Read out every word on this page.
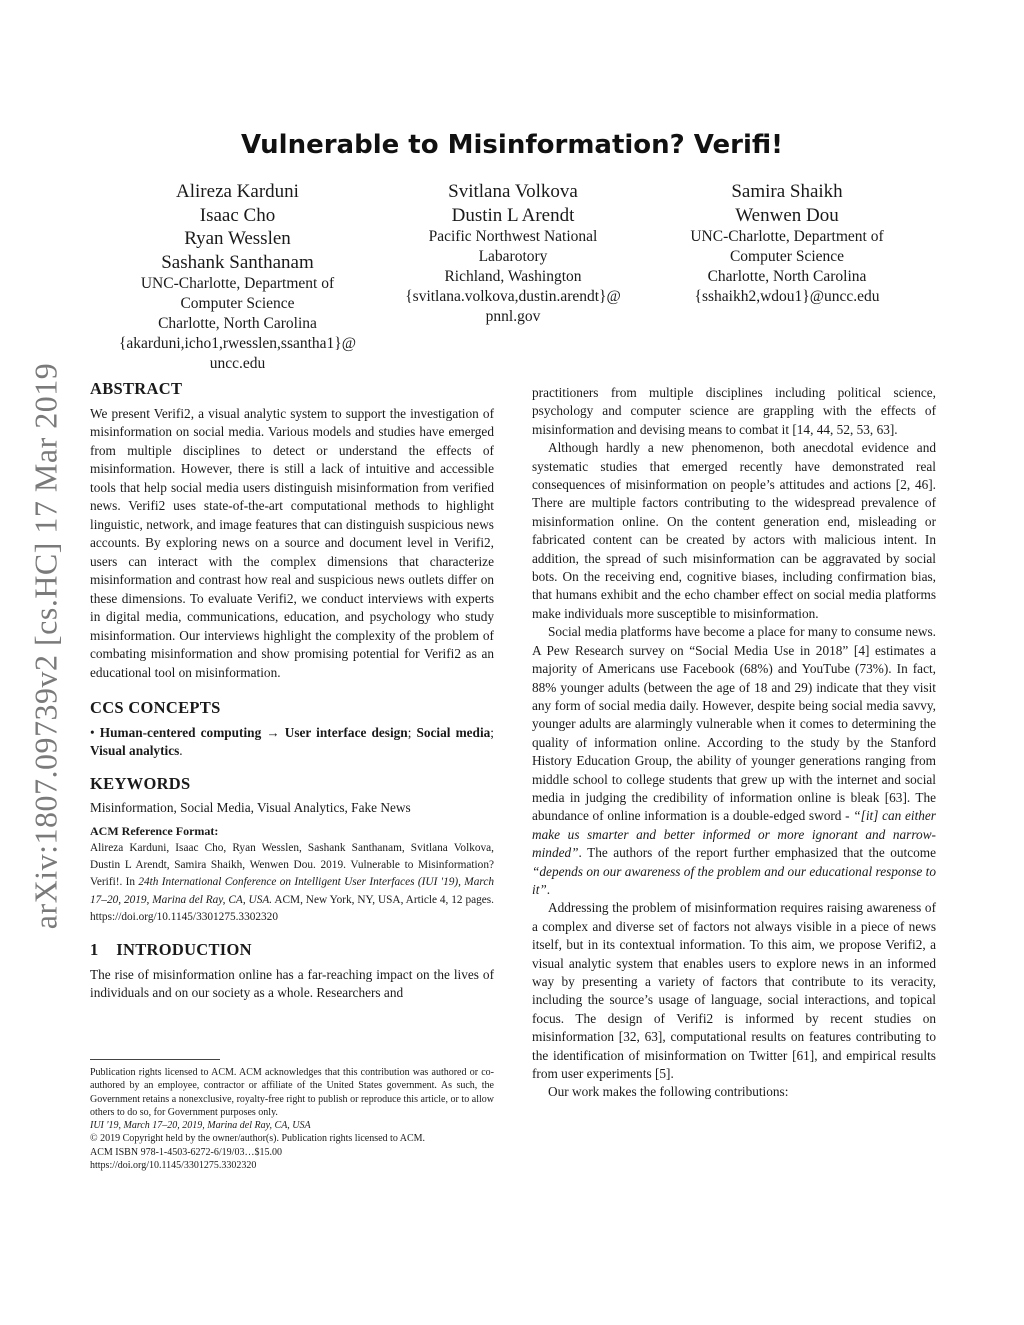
arXiv:1807.09739v2 [cs.HC] 17 Mar 2019
Vulnerable to Misinformation? Verifi!
Alireza Karduni
Isaac Cho
Ryan Wesslen
Sashank Santhanam
UNC-Charlotte, Department of
Computer Science
Charlotte, North Carolina
{akarduni,icho1,rwesslen,ssantha1}@
uncc.edu
Svitlana Volkova
Dustin L Arendt
Pacific Northwest National
Labarotory
Richland, Washington
{svitlana.volkova,dustin.arendt}@
pnnl.gov
Samira Shaikh
Wenwen Dou
UNC-Charlotte, Department of
Computer Science
Charlotte, North Carolina
{sshaikh2,wdou1}@uncc.edu
ABSTRACT

We present Verifi2, a visual analytic system to support the investigation of misinformation on social media. Various models and studies have emerged from multiple disciplines to detect or understand the effects of misinformation. However, there is still a lack of intuitive and accessible tools that help social media users distinguish misinformation from verified news. Verifi2 uses state-of-the-art computational methods to highlight linguistic, network, and image features that can distinguish suspicious news accounts. By exploring news on a source and document level in Verifi2, users can interact with the complex dimensions that characterize misinformation and contrast how real and suspicious news outlets differ on these dimensions. To evaluate Verifi2, we conduct interviews with experts in digital media, communications, education, and psychology who study misinformation. Our interviews highlight the complexity of the problem of combating misinformation and show promising potential for Verifi2 as an educational tool on misinformation.

CCS CONCEPTS

• Human-centered computing → User interface design; Social media; Visual analytics.

KEYWORDS

Misinformation, Social Media, Visual Analytics, Fake News

ACM Reference Format:

Alireza Karduni, Isaac Cho, Ryan Wesslen, Sashank Santhanam, Svitlana Volkova, Dustin L Arendt, Samira Shaikh, Wenwen Dou. 2019. Vulnerable to Misinformation? Verifi!. In 24th International Conference on Intelligent User Interfaces (IUI '19), March 17–20, 2019, Marina del Ray, CA, USA. ACM, New York, NY, USA, Article 4, 12 pages. https://doi.org/10.1145/3301275.3302320

1 INTRODUCTION

The rise of misinformation online has a far-reaching impact on the lives of individuals and on our society as a whole. Researchers and

Publication rights licensed to ACM. ACM acknowledges that this contribution was authored or co-authored by an employee, contractor or affiliate of the United States government. As such, the Government retains a nonexclusive, royalty-free right to publish or reproduce this article, or to allow others to do so, for Government purposes only.

IUI '19, March 17–20, 2019, Marina del Ray, CA, USA

© 2019 Copyright held by the owner/author(s). Publication rights licensed to ACM.

ACM ISBN 978-1-4503-6272-6/19/03…$15.00

https://doi.org/10.1145/3301275.3302320

practitioners from multiple disciplines including political science, psychology and computer science are grappling with the effects of misinformation and devising means to combat it [14, 44, 52, 53, 63].

Although hardly a new phenomenon, both anecdotal evidence and systematic studies that emerged recently have demonstrated real consequences of misinformation on people’s attitudes and actions [2, 46]. There are multiple factors contributing to the widespread prevalence of misinformation online. On the content generation end, misleading or fabricated content can be created by actors with malicious intent. In addition, the spread of such misinformation can be aggravated by social bots. On the receiving end, cognitive biases, including confirmation bias, that humans exhibit and the echo chamber effect on social media platforms make individuals more susceptible to misinformation.

Social media platforms have become a place for many to consume news. A Pew Research survey on “Social Media Use in 2018” [4] estimates a majority of Americans use Facebook (68%) and YouTube (73%). In fact, 88% younger adults (between the age of 18 and 29) indicate that they visit any form of social media daily. However, despite being social media savvy, younger adults are alarmingly vulnerable when it comes to determining the quality of information online. According to the study by the Stanford History Education Group, the ability of younger generations ranging from middle school to college students that grew up with the internet and social media in judging the credibility of information online is bleak [63]. The abundance of online information is a double-edged sword - “[it] can either make us smarter and better informed or more ignorant and narrow-minded”. The authors of the report further emphasized that the outcome “depends on our awareness of the problem and our educational response to it”.

Addressing the problem of misinformation requires raising awareness of a complex and diverse set of factors not always visible in a piece of news itself, but in its contextual information. To this aim, we propose Verifi2, a visual analytic system that enables users to explore news in an informed way by presenting a variety of factors that contribute to its veracity, including the source’s usage of language, social interactions, and topical focus. The design of Verifi2 is informed by recent studies on misinformation [32, 63], computational results on features contributing to the identification of misinformation on Twitter [61], and empirical results from user experiments [5].

Our work makes the following contributions:
